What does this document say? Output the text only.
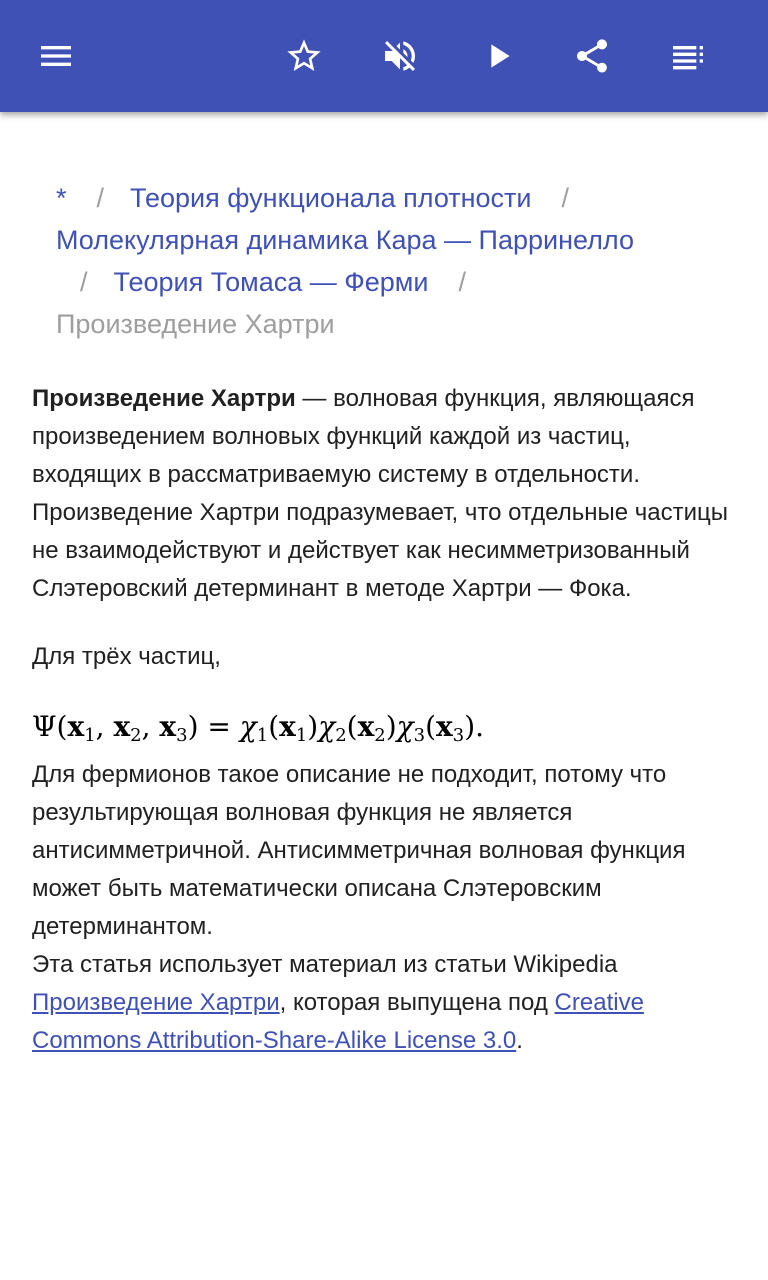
* / Теория функционала плотности /
Молекулярная динамика Кара — Парринелло
/ Теория Томаса — Ферми /
Произведение Хартри

Произведение Хартри — волновая функция, являющаяся произведением волновых функций каждой из частиц, входящих в рассматриваемую систему в отдельности. Произведение Хартри подразумевает, что отдельные частицы не взаимодействуют и действует как несимметризованный Слэтеровский детерминант в методе Хартри — Фока.

Для трёх частиц,

$\Psi(x_1$, $x_2$, $x_3) = \chi_1(x_1)\chi_2(x_2)\chi_3(x_3)$.

Для фермионов такое описание не подходит, потому что результирующая волновая функция не является антисимметричной. Антисимметричная волновая функция может быть математически описана Слэтеровским детерминантом.

Эта статья использует материал из статьи Wikipedia Произведение Хартри, которая выпущена под Creative Commons Attribution-Share-Alike License 3.0.
